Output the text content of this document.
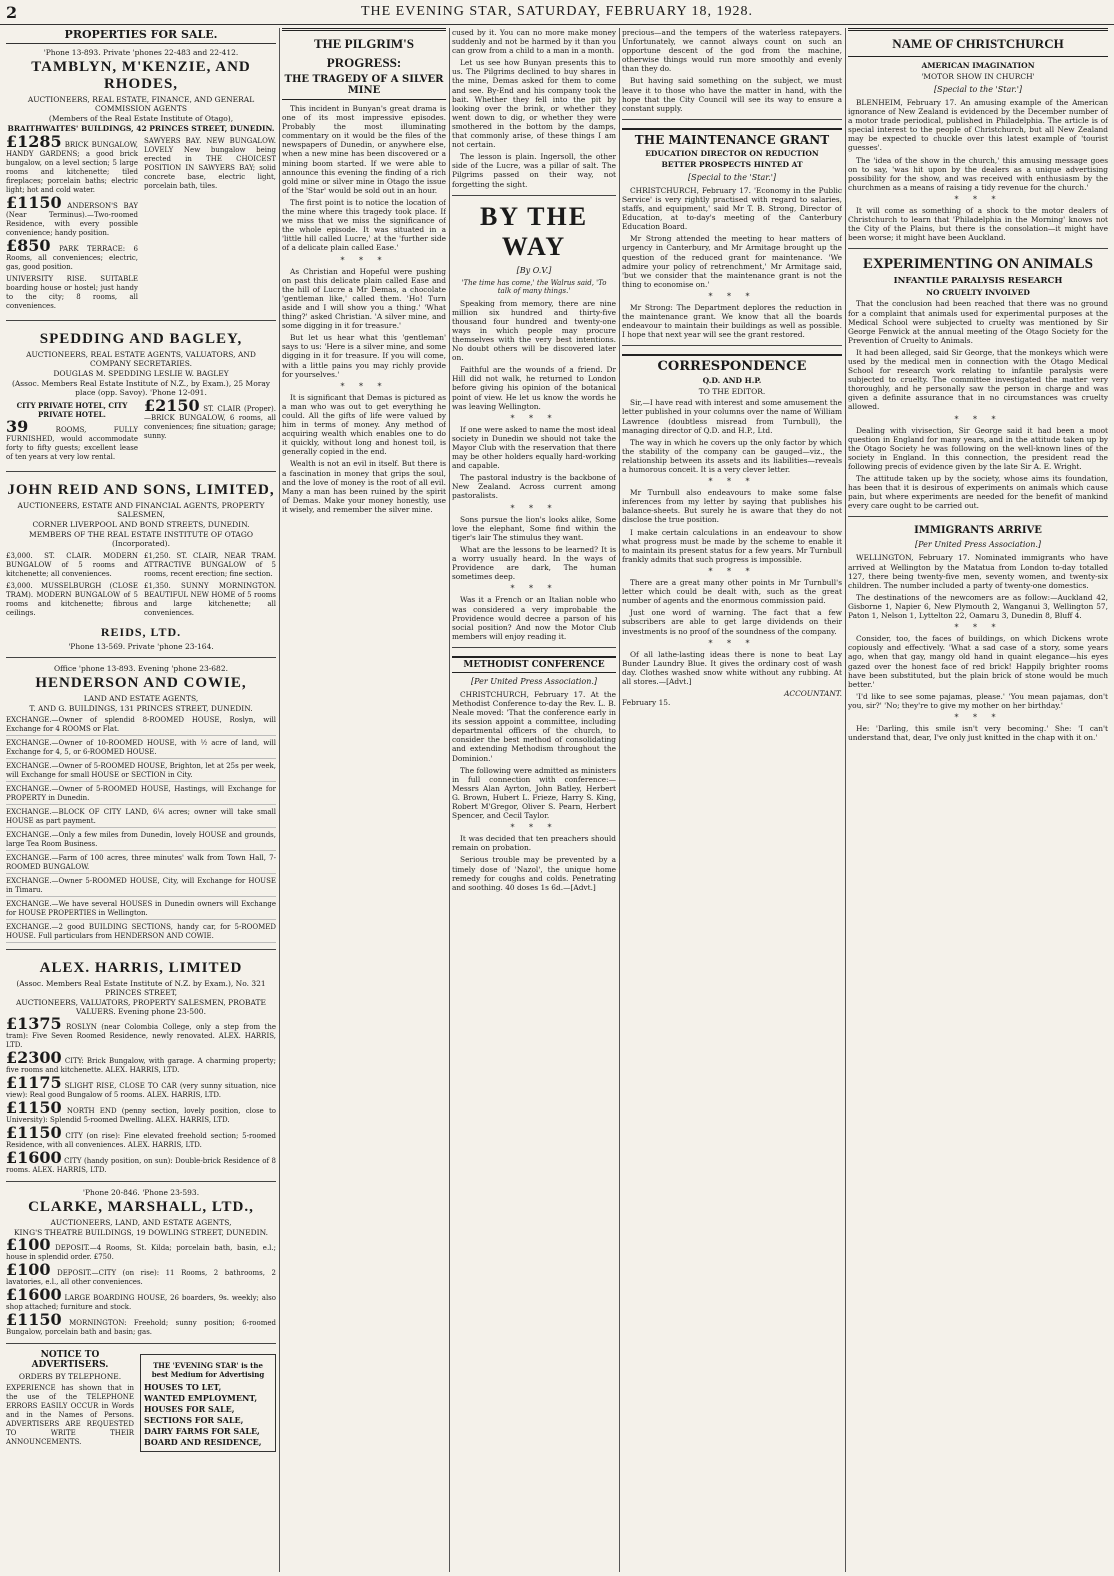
2	THE EVENING STAR, SATURDAY, FEBRUARY 18, 1928.
PROPERTIES FOR SALE.
'Phone 13-893. Private 'phones 22-483 and 22-412.
TAMBLYN, M'KENZIE, AND RHODES,
AUCTIONEERS, REAL ESTATE, FINANCE, AND GENERAL COMMISSION AGENTS
(Members of the Real Estate Institute of Otago),
BRAITHWAITES' BUILDINGS, 42 PRINCES STREET, DUNEDIN.
£1285 BRICK BUNGALOW, HANDY GARDENS; a good brick bungalow, on a level section; 5 large rooms and kitchenette; tiled fireplaces; porcelain baths; electric light; hot and cold water.
£1150 ANDERSON'S BAY (Near Terminus).—Two-roomed Residence, with every possible convenience; handy position.
£850 PARK TERRACE: 6 Rooms, all conveniences; electric, gas, good position.
UNIVERSITY RISE. SUITABLE boarding house or hostel; just handy to the city; 8 rooms, all conveniences.
SAWYERS BAY. NEW BUNGALOW. LOVELY New bungalow being erected in THE CHOICEST POSITION IN SAWYERS BAY; solid concrete base, electric light, porcelain bath, tiles.
SPEDDING AND BAGLEY,
AUCTIONEERS, REAL ESTATE AGENTS, VALUATORS, AND COMPANY SECRETARIES.
DOUGLAS M. SPEDDING LESLIE W. BAGLEY
(Assoc. Members Real Estate Institute of N.Z., by Exam.), 25 Moray place (opp. Savoy). 'Phone 12-091.
CITY PRIVATE HOTEL, CITY PRIVATE HOTEL.
39	ROOMS, FULLY FURNISHED, would accommodate forty to fifty guests; excellent lease of ten years at very low rental.
£2150 ST. CLAIR (Proper).—BRICK BUNGALOW, 6 rooms, all conveniences; fine situation; garage; sunny.
JOHN REID AND SONS, LIMITED,
AUCTIONEERS, ESTATE AND FINANCIAL AGENTS, PROPERTY SALESMEN,
CORNER LIVERPOOL AND BOND STREETS, DUNEDIN.
MEMBERS OF THE REAL ESTATE INSTITUTE OF OTAGO (Incorporated).
£3,000. ST. CLAIR. MODERN BUNGALOW of 5 rooms and kitchenette; all conveniences.
£3,000. MUSSELBURGH (CLOSE TRAM). MODERN BUNGALOW of 5 rooms and kitchenette; fibrous ceilings.
£1,250. ST. CLAIR, NEAR TRAM. ATTRACTIVE BUNGALOW of 5 rooms, recent erection; fine section.
£1,350. SUNNY MORNINGTON. BEAUTIFUL NEW HOME of 5 rooms and large kitchenette; all conveniences.
REIDS, LTD.
'Phone 13-569. Private 'phone 23-164.
Office 'phone 13-893. Evening 'phone 23-682.
HENDERSON AND COWIE,
LAND AND ESTATE AGENTS,
T. AND G. BUILDINGS, 131 PRINCES STREET, DUNEDIN.
EXCHANGE.—Owner of splendid 8-ROOMED HOUSE, Roslyn, will Exchange for 4 ROOMS or Flat.
EXCHANGE.—Owner of 10-ROOMED HOUSE, with ½ acre of land, will Exchange for 4, 5, or 6-ROOMED HOUSE.
EXCHANGE.—Owner of 5-ROOMED HOUSE, Brighton, let at 25s per week, will Exchange for small HOUSE or SECTION in City.
EXCHANGE.—Owner of 5-ROOMED HOUSE, Hastings, will Exchange for PROPERTY in Dunedin.
EXCHANGE.—BLOCK OF CITY LAND, 6¼ acres; owner will take small HOUSE as part payment.
EXCHANGE.—Only a few miles from Dunedin, lovely HOUSE and grounds, large Tea Room Business.
EXCHANGE.—Farm of 100 acres, three minutes' walk from Town Hall, 7-ROOMED BUNGALOW.
EXCHANGE.—Owner 5-ROOMED HOUSE, City, will Exchange for HOUSE in Timaru.
EXCHANGE.—We have several HOUSES in Dunedin owners will Exchange for HOUSE PROPERTIES in Wellington.
EXCHANGE.—2 good BUILDING SECTIONS, handy car, for 5-ROOMED HOUSE. Full particulars from HENDERSON AND COWIE.
ALEX. HARRIS, LIMITED
(Assoc. Members Real Estate Institute of N.Z. by Exam.), No. 321 PRINCES STREET,
AUCTIONEERS, VALUATORS, PROPERTY SALESMEN, PROBATE VALUERS. Evening phone 23-500.
£1375 ROSLYN (near Colombia College, only a step from the tram): Five Seven Roomed Residence, newly renovated. ALEX. HARRIS, LTD.
£2300 CITY: Brick Bungalow, with garage. A charming property; five rooms and kitchenette. ALEX. HARRIS, LTD.
£1175 SLIGHT RISE, CLOSE TO CAR (very sunny situation, nice view): Real good Bungalow of 5 rooms. ALEX. HARRIS, LTD.
£1150 NORTH END (penny section, lovely position, close to University): Splendid 5-roomed Dwelling. ALEX. HARRIS, LTD.
£1150 CITY (on rise): Fine elevated freehold section; 5-roomed Residence, with all conveniences. ALEX. HARRIS, LTD.
£1600 CITY (handy position, on sun): Double-brick Residence of 8 rooms. ALEX. HARRIS, LTD.
'Phone 20-846. 'Phone 23-593.
CLARKE, MARSHALL, LTD.,
AUCTIONEERS, LAND, AND ESTATE AGENTS,
KING'S THEATRE BUILDINGS, 19 DOWLING STREET, DUNEDIN.
£100 DEPOSIT.—4 Rooms, St. Kilda; porcelain bath, basin, e.l.; house in splendid order. £750.
£100 DEPOSIT.—CITY (on rise): 11 Rooms, 2 bathrooms, 2 lavatories, e.l., all other conveniences.
£1600 LARGE BOARDING HOUSE, 26 boarders, 9s. weekly; also shop attached; furniture and stock.
£1150 MORNINGTON: Freehold; sunny position; 6-roomed Bungalow, porcelain bath and basin; gas.
NOTICE TO ADVERTISERS.
ORDERS BY TELEPHONE.
EXPERIENCE has shown that in the use of the TELEPHONE ERRORS EASILY OCCUR in Words and in the Names of Persons. ADVERTISERS ARE REQUESTED TO WRITE THEIR ANNOUNCEMENTS.
THE 'EVENING STAR' is the best Medium for Advertising
HOUSES TO LET,
WANTED EMPLOYMENT,
HOUSES FOR SALE,
SECTIONS FOR SALE,
DAIRY FARMS FOR SALE,
BOARD AND RESIDENCE,
THE PILGRIM'S PROGRESS:
THE TRAGEDY OF A SILVER MINE

This incident in Bunyan's great drama is one of its most impressive episodes. Probably the most illuminating commentary on it would be the files of the newspapers of Dunedin, or anywhere else, when a new mine has been discovered or a mining boom started. If we were able to announce this evening the finding of a rich gold mine or silver mine in Otago the issue of the 'Star' would be sold out in an hour.

The first point is to notice the location of the mine where this tragedy took place. If we miss that we miss the significance of the whole episode. It was situated in a 'little hill called Lucre,' at the 'further side of a delicate plain called Ease.'

* * *

As Christian and Hopeful were pushing on past this delicate plain called Ease and the hill of Lucre a Mr Demas, a chocolate 'gentleman like,' called them. 'Ho! Turn aside and I will show you a thing.' 'What thing?' asked Christian. 'A silver mine, and some digging in it for treasure.'

But let us hear what this 'gentleman' says to us: 'Here is a silver mine, and some digging in it for treasure. If you will come, with a little pains you may richly provide for yourselves.'

* * *

It is significant that Demas is pictured as a man who was out to get everything he could. All the gifts of life were valued by him in terms of money. Any method of acquiring wealth which enables one to do it quickly, without long and honest toil, is generally copied in the end.

Wealth is not an evil in itself. But there is a fascination in money that grips the soul, and the love of money is the root of all evil. Many a man has been ruined by the spirit of Demas. Make your money honestly, use it wisely, and remember the silver mine.

cused by it. You can no more make money suddenly and not be harmed by it than you can grow from a child to a man in a month.

Let us see how Bunyan presents this to us. The Pilgrims declined to buy shares in the mine, Demas asked for them to come and see. By-End and his company took the bait. Whether they fell into the pit by looking over the brink, or whether they went down to dig, or whether they were smothered in the bottom by the damps, that commonly arise, of these things I am not certain.

The lesson is plain. Ingersoll, the other side of the Lucre, was a pillar of salt. The Pilgrims passed on their way, not forgetting the sight.

BY THE WAY
[By O.V.]
'The time has come,' the Walrus said, 'To talk of many things.'

Speaking from memory, there are nine million six hundred and thirty-five thousand four hundred and twenty-one ways in which people may procure themselves with the very best intentions. No doubt others will be discovered later on.

Faithful are the wounds of a friend. Dr Hill did not walk, he returned to London before giving his opinion of the botanical point of view. He let us know the words he was leaving Wellington.

* * *

If one were asked to name the most ideal society in Dunedin we should not take the Mayor Club with the reservation that there may be other holders equally hard-working and capable.

The pastoral industry is the backbone of New Zealand. Across current among pastoralists.

* * *

Sons pursue the lion's looks alike, Some love the elephant, Some find within the tiger's lair The stimulus they want.

What are the lessons to be learned? It is a worry usually heard. In the ways of Providence are dark, The human sometimes deep.

* * *

Was it a French or an Italian noble who was considered a very improbable the Providence would decree a parson of his social position? And now the Motor Club members will enjoy reading it.

METHODIST CONFERENCE
[Per United Press Association.]

CHRISTCHURCH, February 17. At the Methodist Conference to-day the Rev. L. B. Neale moved: 'That the conference early in its session appoint a committee, including departmental officers of the church, to consider the best method of consolidating and extending Methodism throughout the Dominion.'

The following were admitted as ministers in full connection with conference:—Messrs Alan Ayrton, John Batley, Herbert G. Brown, Hubert L. Frieze, Harry S. King, Robert M'Gregor, Oliver S. Pearn, Herbert Spencer, and Cecil Taylor.

* * *

It was decided that ten preachers should remain on probation.

Serious trouble may be prevented by a timely dose of 'Nazol', the unique home remedy for coughs and colds. Penetrating and soothing. 40 doses 1s 6d.—[Advt.]

precious—and the tempers of the waterless ratepayers. Unfortunately, we cannot always count on such an opportune descent of the god from the machine, otherwise things would run more smoothly and evenly than they do.

But having said something on the subject, we must leave it to those who have the matter in hand, with the hope that the City Council will see its way to ensure a constant supply.

THE MAINTENANCE GRANT
EDUCATION DIRECTOR ON REDUCTION
BETTER PROSPECTS HINTED AT
[Special to the 'Star.']

CHRISTCHURCH, February 17. 'Economy in the Public Service' is very rightly practised with regard to salaries, staffs, and equipment,' said Mr T. B. Strong, Director of Education, at to-day's meeting of the Canterbury Education Board.

Mr Strong attended the meeting to hear matters of urgency in Canterbury, and Mr Armitage brought up the question of the reduced grant for maintenance. 'We admire your policy of retrenchment,' Mr Armitage said, 'but we consider that the maintenance grant is not the thing to economise on.'

* * *

Mr Strong: The Department deplores the reduction in the maintenance grant. We know that all the boards endeavour to maintain their buildings as well as possible. I hope that next year will see the grant restored.

CORRESPONDENCE
Q.D. AND H.P.
TO THE EDITOR.

Sir,—I have read with interest and some amusement the letter published in your columns over the name of William Lawrence (doubtless misread from Turnbull), the managing director of Q.D. and H.P., Ltd.

The way in which he covers up the only factor by which the stability of the company can be gauged—viz., the relationship between its assets and its liabilities—reveals a humorous conceit. It is a very clever letter.

* * *

Mr Turnbull also endeavours to make some false inferences from my letter by saying that publishes his balance-sheets. But surely he is aware that they do not disclose the true position.

I make certain calculations in an endeavour to show what progress must be made by the scheme to enable it to maintain its present status for a few years. Mr Turnbull frankly admits that such progress is impossible.

* * *

There are a great many other points in Mr Turnbull's letter which could be dealt with, such as the great number of agents and the enormous commission paid.

Just one word of warning. The fact that a few subscribers are able to get large dividends on their investments is no proof of the soundness of the company.

* * *

Of all lathe-lasting ideas there is none to beat Lay Bunder Laundry Blue. It gives the ordinary cost of wash day. Clothes washed snow white without any rubbing. At all stores.—[Advt.]

ACCOUNTANT.
February 15.
NAME OF CHRISTCHURCH
AMERICAN IMAGINATION
'MOTOR SHOW IN CHURCH'
[Special to the 'Star.']

BLENHEIM, February 17. An amusing example of the American ignorance of New Zealand is evidenced by the December number of a motor trade periodical, published in Philadelphia. The article is of special interest to the people of Christchurch, but all New Zealand may be expected to chuckle over this latest example of 'tourist guesses'.

The 'idea of the show in the church,' this amusing message goes on to say, 'was hit upon by the dealers as a unique advertising possibility for the show, and was received with enthusiasm by the churchmen as a means of raising a tidy revenue for the church.'

* * *

It will come as something of a shock to the motor dealers of Christchurch to learn that 'Philadelphia in the Morning' knows not the City of the Plains, but there is the consolation—it might have been worse; it might have been Auckland.

EXPERIMENTING ON ANIMALS
INFANTILE PARALYSIS RESEARCH
NO CRUELTY INVOLVED

That the conclusion had been reached that there was no ground for a complaint that animals used for experimental purposes at the Medical School were subjected to cruelty was mentioned by Sir George Fenwick at the annual meeting of the Otago Society for the Prevention of Cruelty to Animals.

It had been alleged, said Sir George, that the monkeys which were used by the medical men in connection with the Otago Medical School for research work relating to infantile paralysis were subjected to cruelty. The committee investigated the matter very thoroughly, and he personally saw the person in charge and was given a definite assurance that in no circumstances was cruelty allowed.

* * *

Dealing with vivisection, Sir George said it had been a moot question in England for many years, and in the attitude taken up by the Otago Society he was following on the well-known lines of the society in England. In this connection, the president read the following precis of evidence given by the late Sir A. E. Wright.

The attitude taken up by the society, whose aims its foundation, has been that it is desirous of experiments on animals which cause pain, but where experiments are needed for the benefit of mankind every care ought to be carried out.

IMMIGRANTS ARRIVE
[Per United Press Association.]

WELLINGTON, February 17. Nominated immigrants who have arrived at Wellington by the Matatua from London to-day totalled 127, there being twenty-five men, seventy women, and twenty-six children. The number included a party of twenty-one domestics.

The destinations of the newcomers are as follow:—Auckland 42, Gisborne 1, Napier 6, New Plymouth 2, Wanganui 3, Wellington 57, Paton 1, Nelson 1, Lyttelton 22, Oamaru 3, Dunedin 8, Bluff 4.

* * *

Consider, too, the faces of buildings, on which Dickens wrote copiously and effectively. 'What a sad case of a story, some years ago, when that gay, mangy old hand in quaint elegance—his eyes gazed over the honest face of red brick! Happily brighter rooms have been substituted, but the plain brick of stone would be much better.'

'I'd like to see some pajamas, please.' 'You mean pajamas, don't you, sir?' 'No; they're to give my mother on her birthday.'

* * *

He: 'Darling, this smile isn't very becoming.' She: 'I can't understand that, dear, I've only just knitted in the chap with it on.'
